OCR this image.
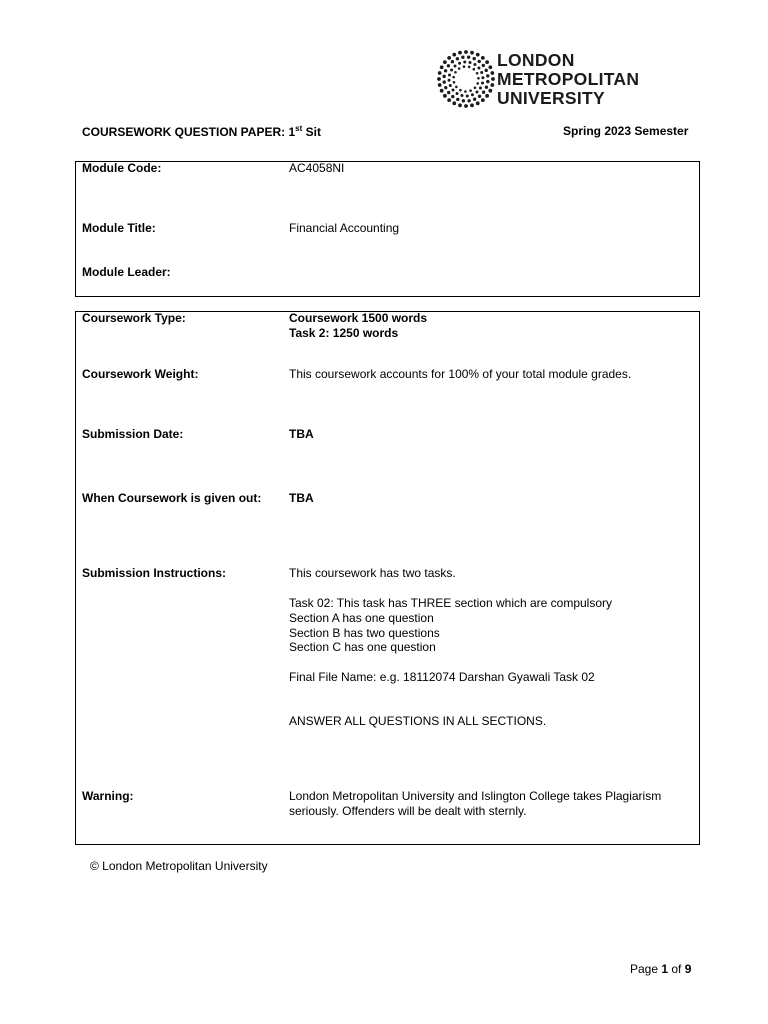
LONDON
METROPOLITAN
UNIVERSITY
COURSEWORK QUESTION PAPER: 1st Sit	Spring 2023 Semester
Module Code:	AC4058NI
Module Title:	Financial Accounting
Module Leader:
Coursework Type:	Coursework 1500 words
Task 2: 1250 words
Coursework Weight:	This coursework accounts for 100% of your total module grades.
Submission Date:	TBA
When Coursework is given out: TBA
Submission Instructions:	This coursework has two tasks.
Task 02: This task has THREE section which are compulsory
Section A has one question
Section B has two questions
Section C has one question
Final File Name: e.g. 18112074 Darshan Gyawali Task 02
ANSWER ALL QUESTIONS IN ALL SECTIONS.
Warning:	London Metropolitan University and Islington College takes Plagiarism
seriously. Offenders will be dealt with sternly.
© London Metropolitan University
Page 1 of 9
